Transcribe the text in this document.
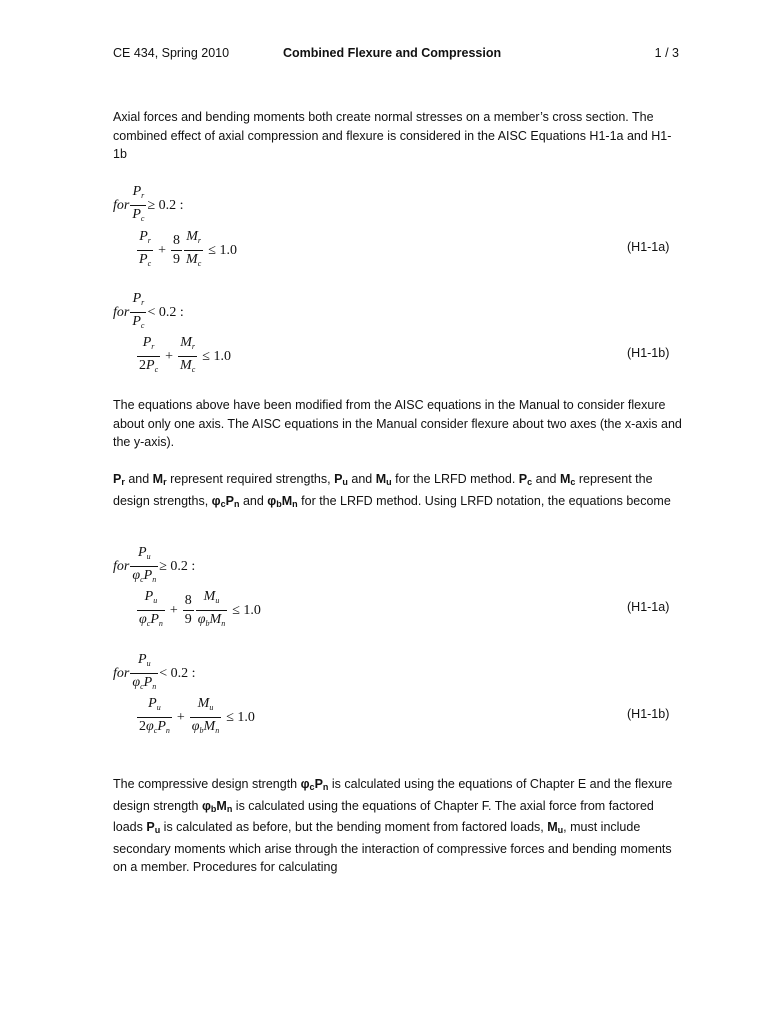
CE 434, Spring 2010	Combined Flexure and Compression	1 / 3

Axial forces and bending moments both create normal stresses on a member’s cross section. The combined effect of axial compression and flexure is considered in the AISC Equations H1-1a and H1-1b

for $\frac{P_r}{P_c} \ge 0.2$ :
$\frac{P_r}{P_c} + \frac{8}{9} \frac{M_r}{M_c} \le 1.0$	(H1-1a)
for $\frac{P_r}{P_c} < 0.2$ :
$\frac{P_r}{2P_c} + \frac{M_r}{M_c} \le 1.0$	(H1-1b)

The equations above have been modified from the AISC equations in the Manual to consider flexure about only one axis. The AISC equations in the Manual consider flexure about two axes (the x-axis and the y-axis).

$P_r$ and $M_r$ represent required strengths, $P_u$ and $M_u$ for the LRFD method. $P_c$ and $M_c$ represent the design strengths, $\varphi_cP_n$ and $\varphi_bM_n$ for the LRFD method. Using LRFD notation, the equations become

for $\frac{P_u}{\varphi_cP_n} \ge 0.2$ :
$\frac{P_u}{\varphi_cP_n} + \frac{8}{9} \frac{M_u}{\varphi_bM_n} \le 1.0$	(H1-1a)
for $\frac{P_u}{\varphi_cP_n} < 0.2$ :
$\frac{P_u}{2\varphi_cP_n} + \frac{M_u}{\varphi_bM_n} \le 1.0$	(H1-1b)

The compressive design strength $\varphi_cP_n$ is calculated using the equations of Chapter E and the flexure design strength $\varphi_bM_n$ is calculated using the equations of Chapter F. The axial force from factored loads $P_u$ is calculated as before, but the bending moment from factored loads, $M_u$, must include secondary moments which arise through the interaction of compressive forces and bending moments on a member. Procedures for calculating
